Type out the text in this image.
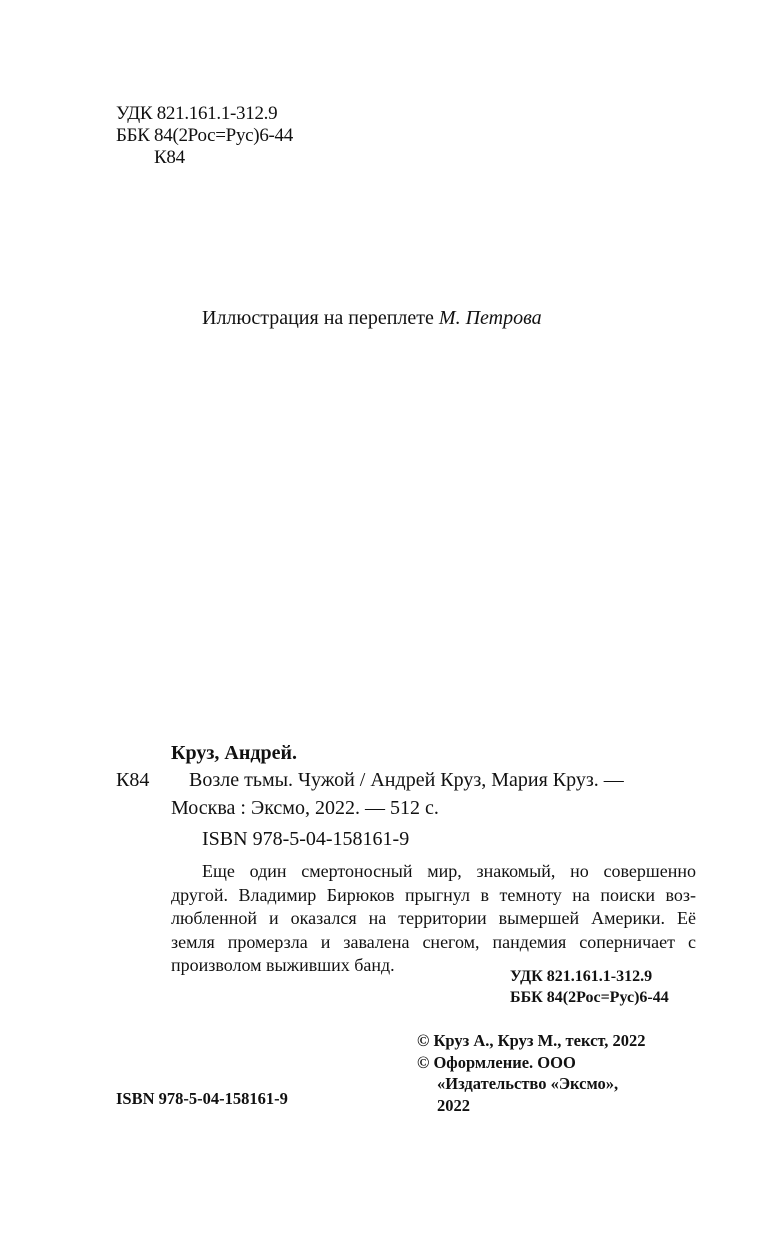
УДК 821.161.1-312.9
ББК 84(2Рос=Рус)6-44
К84
Иллюстрация на переплете М. Петрова
Круз, Андрей.
К84 Возле тьмы. Чужой / Андрей Круз, Мария Круз. —
Москва : Эксмо, 2022. — 512 с.
ISBN 978-5-04-158161-9
Еще один смертоносный мир, знакомый, но совершенно
другой. Владимир Бирюков прыгнул в темноту на поиски воз-
любленной и оказался на территории вымершей Америки. Её
земля промерзла и завалена снегом, пандемия соперничает с
произволом выживших банд.
УДК 821.161.1-312.9
ББК 84(2Рос=Рус)6-44
© Круз А., Круз М., текст, 2022
© Оформление. ООО
«Издательство «Эксмо»,
2022
ISBN 978-5-04-158161-9
